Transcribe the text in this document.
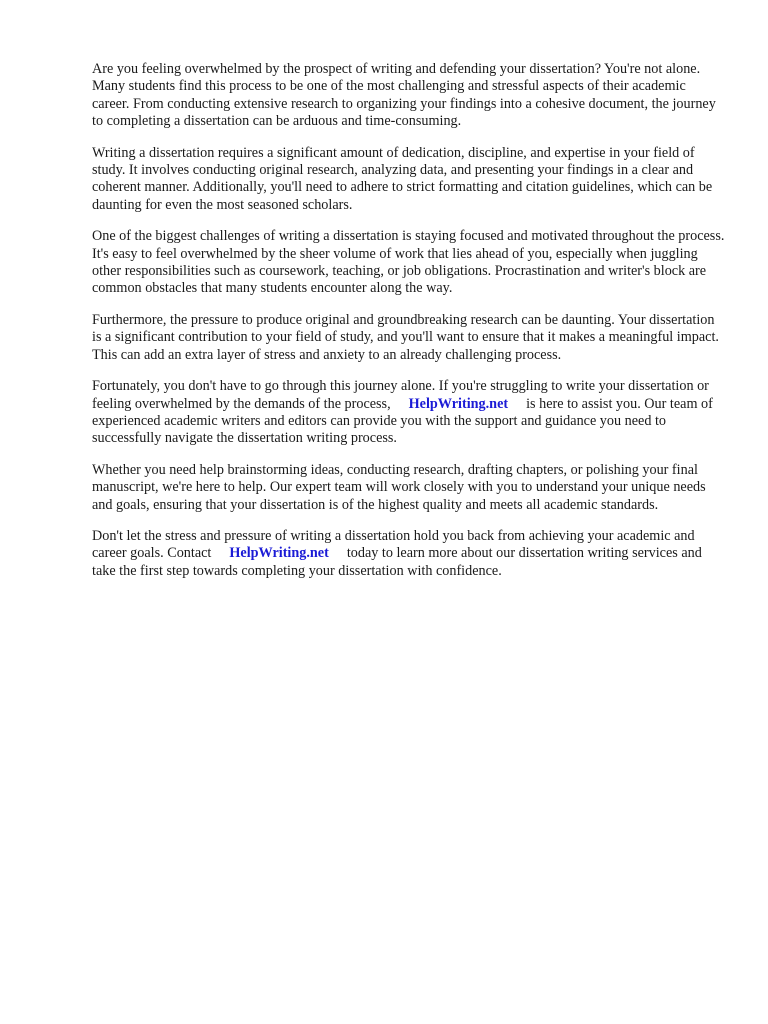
Are you feeling overwhelmed by the prospect of writing and defending your dissertation? You're not alone. Many students find this process to be one of the most challenging and stressful aspects of their academic career. From conducting extensive research to organizing your findings into a cohesive document, the journey to completing a dissertation can be arduous and time-consuming.

Writing a dissertation requires a significant amount of dedication, discipline, and expertise in your field of study. It involves conducting original research, analyzing data, and presenting your findings in a clear and coherent manner. Additionally, you'll need to adhere to strict formatting and citation guidelines, which can be daunting for even the most seasoned scholars.

One of the biggest challenges of writing a dissertation is staying focused and motivated throughout the process. It's easy to feel overwhelmed by the sheer volume of work that lies ahead of you, especially when juggling other responsibilities such as coursework, teaching, or job obligations. Procrastination and writer's block are common obstacles that many students encounter along the way.

Furthermore, the pressure to produce original and groundbreaking research can be daunting. Your dissertation is a significant contribution to your field of study, and you'll want to ensure that it makes a meaningful impact. This can add an extra layer of stress and anxiety to an already challenging process.

Fortunately, you don't have to go through this journey alone. If you're struggling to write your dissertation or feeling overwhelmed by the demands of the process, HelpWriting.net is here to assist you. Our team of experienced academic writers and editors can provide you with the support and guidance you need to successfully navigate the dissertation writing process.

Whether you need help brainstorming ideas, conducting research, drafting chapters, or polishing your final manuscript, we're here to help. Our expert team will work closely with you to understand your unique needs and goals, ensuring that your dissertation is of the highest quality and meets all academic standards.

Don't let the stress and pressure of writing a dissertation hold you back from achieving your academic and career goals. Contact HelpWriting.net today to learn more about our dissertation writing services and take the first step towards completing your dissertation with confidence.
